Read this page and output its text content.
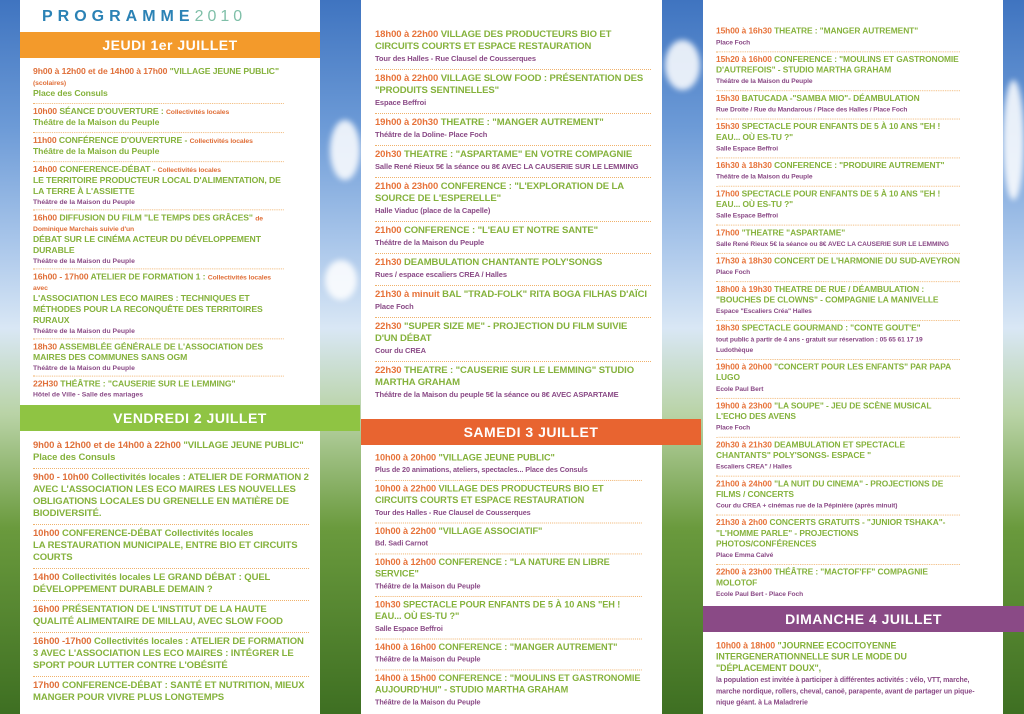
PROGRAMME2010
JEUDI 1er JUILLET
VENDREDI 2 JUILLET
SAMEDI 3 JUILLET
DIMANCHE 4 JUILLET
9h00 à 12h00 et de 14h00 à 17h00 "VILLAGE JEUNE PUBLIC" (scolaires)
Place des Consuls
10h00 SÉANCE D'OUVERTURE : Collectivités locales
Théâtre de la Maison du Peuple
11h00 CONFÉRENCE D'OUVERTURE - Collectivités locales
Théâtre de la Maison du Peuple
14h00 CONFERENCE-DÉBAT - Collectivités locales
LE TERRITOIRE PRODUCTEUR LOCAL D'ALIMENTATION, DE LA TERRE À L'ASSIETTE
Théâtre de la Maison du Peuple
16h00 DIFFUSION DU FILM "LE TEMPS DES GRÂCES" de Dominique Marchais suivie d'un
DÉBAT SUR LE CINÉMA ACTEUR DU DÉVELOPPEMENT DURABLE
Théâtre de la Maison du Peuple
16h00 - 17h00 ATELIER DE FORMATION 1 : Collectivités locales avec
L'ASSOCIATION LES ECO MAIRES : TECHNIQUES ET MÉTHODES POUR LA RECONQUÊTE DES TERRITOIRES RURAUX
Théâtre de la Maison du Peuple
18h30 ASSEMBLÉE GÉNÉRALE DE L'ASSOCIATION DES MAIRES DES COMMUNES SANS OGM
Théâtre de la Maison du Peuple
22H30 THÉÂTRE : "CAUSERIE SUR LE LEMMING"
Hôtel de Ville - Salle des mariages
9h00 à 12h00 et de 14h00 à 22h00 "VILLAGE JEUNE PUBLIC"
Place des Consuls
9h00 - 10h00 Collectivités locales : ATELIER DE FORMATION 2 AVEC L'ASSOCIATION LES ECO MAIRES LES NOUVELLES OBLIGATIONS LOCALES DU GRENELLE EN MATIÈRE DE BIODIVERSITÉ.
10h00 CONFERENCE-DÉBAT Collectivités locales
LA RESTAURATION MUNICIPALE, ENTRE BIO ET CIRCUITS COURTS
14h00 Collectivités locales LE GRAND DÉBAT : QUEL DÉVELOPPEMENT DURABLE DEMAIN ?
16h00 PRÉSENTATION DE L'INSTITUT DE LA HAUTE QUALITÉ ALIMENTAIRE DE MILLAU, AVEC SLOW FOOD
16h00 -17h00 Collectivités locales : ATELIER DE FORMATION 3 AVEC L'ASSOCIATION LES ECO MAIRES : INTÉGRER LE SPORT POUR LUTTER CONTRE L'OBÉSITÉ
17h00 CONFERENCE-DÉBAT : SANTÉ ET NUTRITION, MIEUX MANGER POUR VIVRE PLUS LONGTEMPS
18h00 à 22h00 VILLAGE DES PRODUCTEURS BIO ET CIRCUITS COURTS ET ESPACE RESTAURATION
Tour des Halles - Rue Clausel de Cousserques
18h00 à 22h00 VILLAGE SLOW FOOD : PRÉSENTATION DES "PRODUITS SENTINELLES"
Espace Beffroi
19h00 à 20h30 THEATRE : "MANGER AUTREMENT"
Théâtre de la Doline- Place Foch
20h30 THEATRE : "ASPARTAME" EN VOTRE COMPAGNIE
Salle René Rieux 5€ la séance ou 8€ AVEC LA CAUSERIE SUR LE LEMMING
21h00 à 23h00 CONFERENCE : "L'EXPLORATION DE LA SOURCE DE L'ESPERELLE"
Halle Viaduc (place de la Capelle)
21h00 CONFERENCE : "L'EAU ET NOTRE SANTE"
Théâtre de la Maison du Peuple
21h30 DEAMBULATION CHANTANTE POLY'SONGS
Rues / espace escaliers CREA / Halles
21h30 à minuit BAL "TRAD-FOLK" RITA BOGA FILHAS D'AÏCI
Place Foch
22h30 "SUPER SIZE ME" - PROJECTION DU FILM SUIVIE D'UN DÉBAT
Cour du CREA
22h30 THEATRE : "CAUSERIE SUR LE LEMMING" STUDIO MARTHA GRAHAM
Théâtre de la Maison du peuple 5€ la séance ou 8€ AVEC ASPARTAME
10h00 à 20h00 "VILLAGE JEUNE PUBLIC"
Plus de 20 animations, ateliers, spectacles... Place des Consuls
10h00 à 22h00 VILLAGE DES PRODUCTEURS BIO ET CIRCUITS COURTS ET ESPACE RESTAURATION
Tour des Halles - Rue Clausel de Cousserques
10h00 à 22h00 "VILLAGE ASSOCIATIF"
Bd. Sadi Carnot
10h00 à 12h00 CONFERENCE : "LA NATURE EN LIBRE SERVICE"
Théâtre de la Maison du Peuple
10h30 SPECTACLE POUR ENFANTS DE 5 À 10 ANS "EH ! EAU... OÙ ES-TU ?"
Salle Espace Beffroi
14h00 à 16h00 CONFERENCE : "MANGER AUTREMENT"
Théâtre de la Maison du Peuple
14h00 à 15h00 CONFERENCE : "MOULINS ET GASTRONOMIE AUJOURD'HUI" - STUDIO MARTHA GRAHAM
Théâtre de la Maison du Peuple
15h00 à 16h30 THEATRE : "MANGER AUTREMENT"
Place Foch
15h20 à 16h00 CONFERENCE : "MOULINS ET GASTRONOMIE D'AUTREFOIS" - STUDIO MARTHA GRAHAM
Théâtre de la Maison du Peuple
15h30 BATUCADA -"SAMBA MIO"- DÉAMBULATION
Rue Droite / Rue du Mandarous / Place des Halles / Place Foch
15h30 SPECTACLE POUR ENFANTS DE 5 À 10 ANS "EH ! EAU... OÙ ES-TU ?"
Salle Espace Beffroi
16h30 à 18h30 CONFERENCE : "PRODUIRE AUTREMENT"
Théâtre de la Maison du Peuple
17h00 SPECTACLE POUR ENFANTS DE 5 À 10 ANS "EH ! EAU... OÙ ES-TU ?"
Salle Espace Beffroi
17h00 "THEATRE "ASPARTAME"
Salle René Rieux 5€ la séance ou 8€ AVEC LA CAUSERIE SUR LE LEMMING
17h30 à 18h30 CONCERT DE L'HARMONIE DU SUD-AVEYRON
Place Foch
18h00 à 19h30 THEATRE DE RUE / DÉAMBULATION : "BOUCHES DE CLOWNS" - COMPAGNIE LA MANIVELLE
Espace "Escaliers Créa" Halles
18h30 SPECTACLE GOURMAND : "CONTE GOUT'E"
tout public à partir de 4 ans - gratuit sur réservation : 05 65 61 17 19 Ludothèque
19h00 à 20h00 "CONCERT POUR LES ENFANTS" PAR PAPA LUGO
Ecole Paul Bert
19h00 à 23h00 "LA SOUPE" - JEU DE SCÈNE MUSICAL L'ECHO DES AVENS
Place Foch
20h30 à 21h30 DEAMBULATION ET SPECTACLE CHANTANTS" POLY'SONGS- ESPACE "
Escaliers CREA" / Halles
21h00 à 24h00 "LA NUIT DU CINEMA" - PROJECTIONS DE FILMS / CONCERTS
Cour du CREA + cinémas rue de la Pépinière (après minuit)
21h30 à 2h00 CONCERTS GRATUITS - "JUNIOR TSHAKA"-"L'HOMME PARLE" - PROJECTIONS PHOTOS/CONFÉRENCES
Place Emma Calvé
22h00 à 23h00 THÉÂTRE : "MACTOF'FF" COMPAGNIE MOLOTOF
Ecole Paul Bert - Place Foch
10h00 à 18h00 "JOURNEE ECOCITOYENNE INTERGENERATIONNELLE SUR LE MODE DU "DÉPLACEMENT DOUX",
la population est invitée à participer à différentes activités : vélo, VTT, marche, marche nordique, rollers, cheval, canoë, parapente, avant de partager un pique-nique géant. à La Maladrerie
